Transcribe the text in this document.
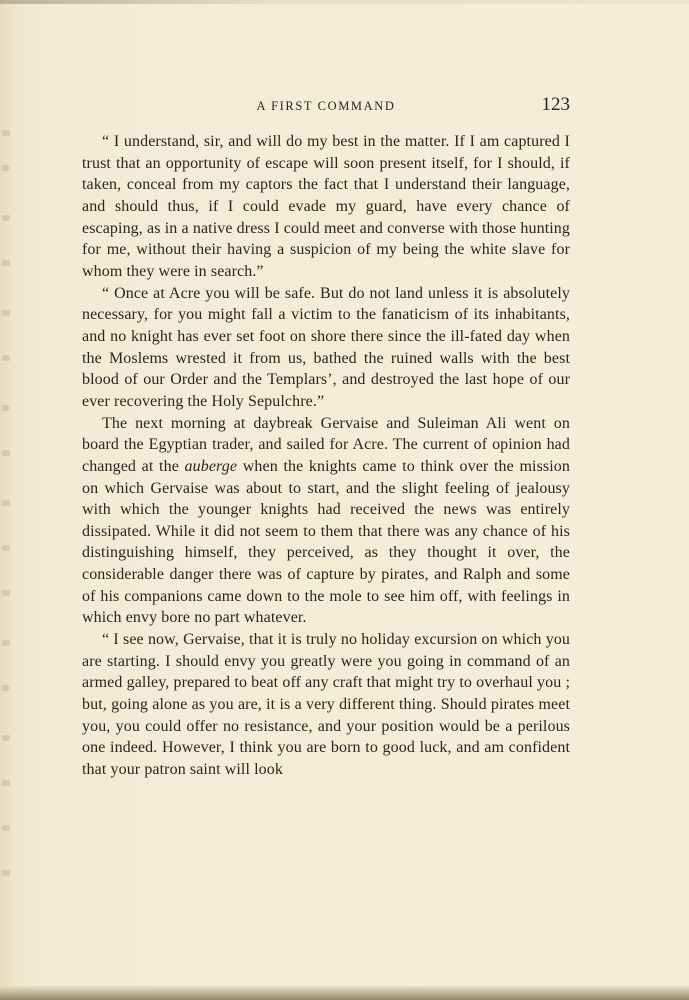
A FIRST COMMAND	123

“ I understand, sir, and will do my best in the matter. If I am captured I trust that an opportunity of escape will soon present itself, for I should, if taken, conceal from my captors the fact that I understand their language, and should thus, if I could evade my guard, have every chance of escaping, as in a native dress I could meet and converse with those hunting for me, without their having a suspicion of my being the white slave for whom they were in search.”

“ Once at Acre you will be safe. But do not land unless it is absolutely necessary, for you might fall a victim to the fanaticism of its inhabitants, and no knight has ever set foot on shore there since the ill-fated day when the Moslems wrested it from us, bathed the ruined walls with the best blood of our Order and the Templars’, and destroyed the last hope of our ever recovering the Holy Sepulchre.”

The next morning at daybreak Gervaise and Suleiman Ali went on board the Egyptian trader, and sailed for Acre. The current of opinion had changed at the auberge when the knights came to think over the mission on which Gervaise was about to start, and the slight feeling of jealousy with which the younger knights had received the news was entirely dissipated. While it did not seem to them that there was any chance of his distinguishing himself, they perceived, as they thought it over, the considerable danger there was of capture by pirates, and Ralph and some of his companions came down to the mole to see him off, with feelings in which envy bore no part whatever.

“ I see now, Gervaise, that it is truly no holiday excursion on which you are starting. I should envy you greatly were you going in command of an armed galley, prepared to beat off any craft that might try to overhaul you ; but, going alone as you are, it is a very different thing. Should pirates meet you, you could offer no resistance, and your position would be a perilous one indeed. However, I think you are born to good luck, and am confident that your patron saint will look
